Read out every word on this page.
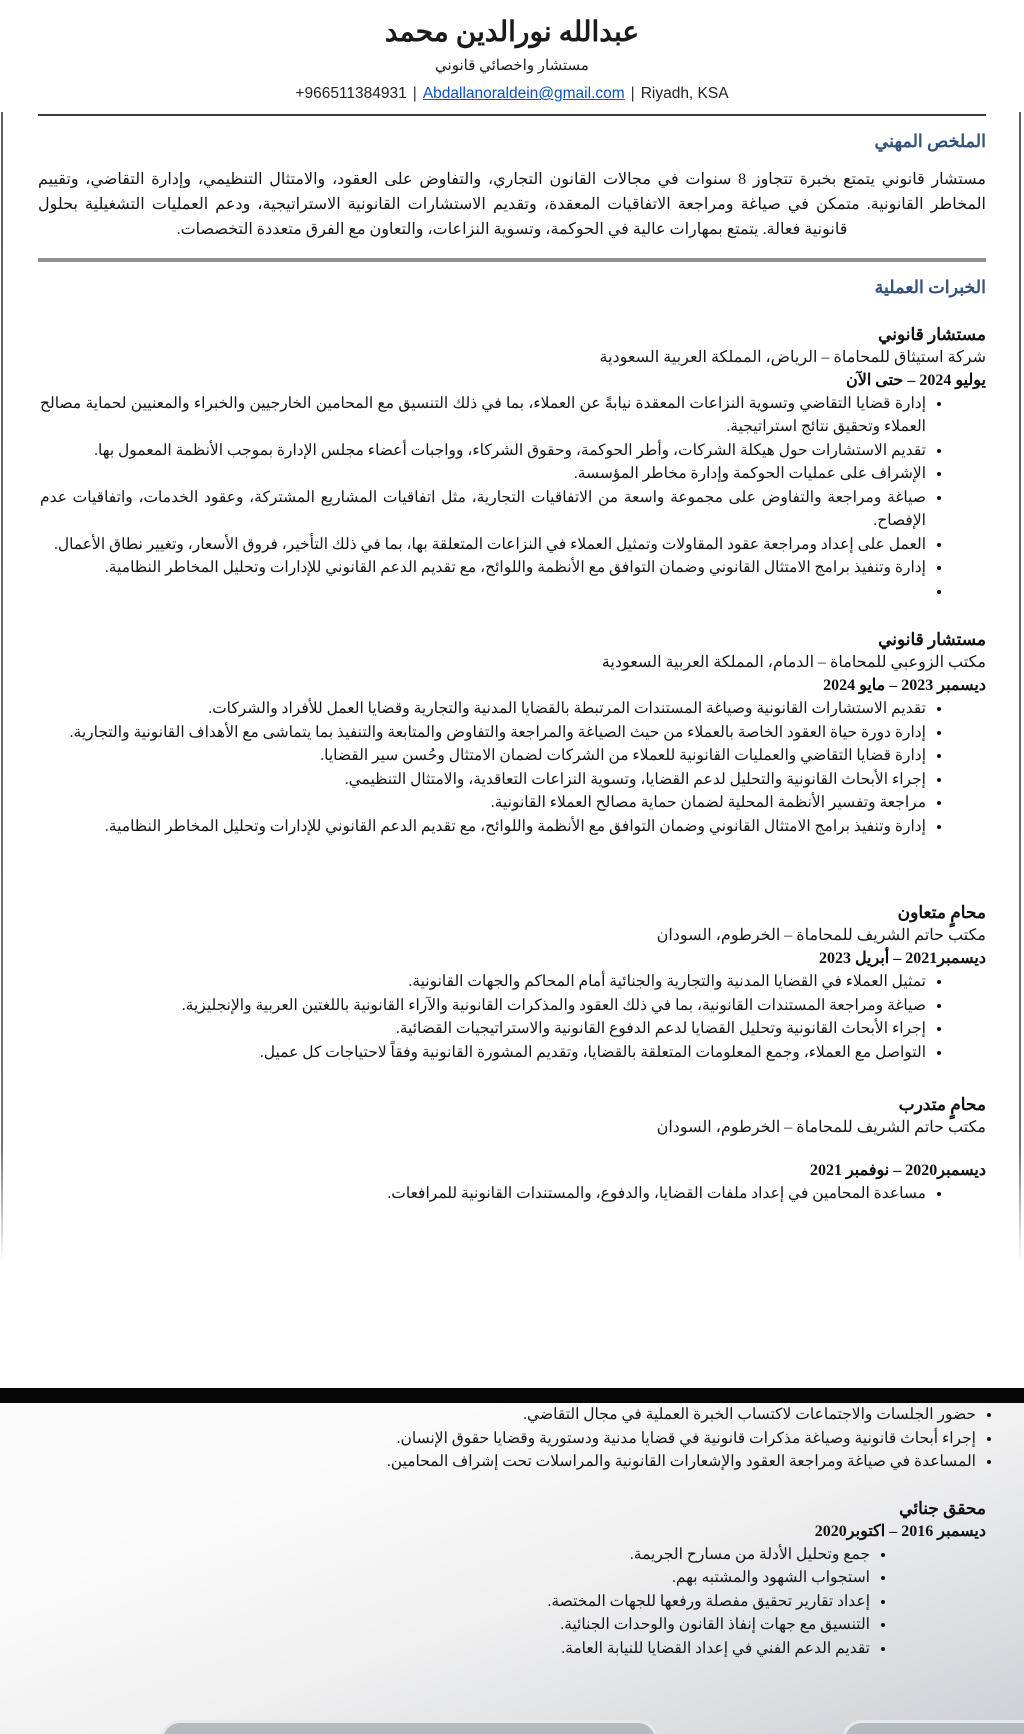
عبدالله نورالدين محمد
مستشار واخصائي قانوني
+966511384931 | Abdallanoraldein@gmail.com | Riyadh, KSA
الملخص المهني

مستشار قانوني يتمتع بخبرة تتجاوز 8 سنوات في مجالات القانون التجاري، والتفاوض على العقود، والامتثال التنظيمي، وإدارة التقاضي، وتقييم المخاطر القانونية. متمكن في صياغة ومراجعة الاتفاقيات المعقدة، وتقديم الاستشارات القانونية الاستراتيجية، ودعم العمليات التشغيلية بحلول قانونية فعالة. يتمتع بمهارات عالية في الحوكمة، وتسوية النزاعات، والتعاون مع الفرق متعددة التخصصات.

الخبرات العملية
مستشار قانوني
شركة استيثاق للمحاماة – الرياض، المملكة العربية السعودية
يوليو 2024 – حتى الآن
• إدارة قضايا التقاضي وتسوية النزاعات المعقدة نيابةً عن العملاء، بما في ذلك التنسيق مع المحامين الخارجيين والخبراء والمعنيين لحماية مصالح العملاء وتحقيق نتائج استراتيجية.
• تقديم الاستشارات حول هيكلة الشركات، وأطر الحوكمة، وحقوق الشركاء، وواجبات أعضاء مجلس الإدارة بموجب الأنظمة المعمول بها.
• الإشراف على عمليات الحوكمة وإدارة مخاطر المؤسسة.
• صياغة ومراجعة والتفاوض على مجموعة واسعة من الاتفاقيات التجارية، مثل اتفاقيات المشاريع المشتركة، وعقود الخدمات، واتفاقيات عدم الإفصاح.
• العمل على إعداد ومراجعة عقود المقاولات وتمثيل العملاء في النزاعات المتعلقة بها، بما في ذلك التأخير، فروق الأسعار، وتغيير نطاق الأعمال.
• إدارة وتنفيذ برامج الامتثال القانوني وضمان التوافق مع الأنظمة واللوائح، مع تقديم الدعم القانوني للإدارات وتحليل المخاطر النظامية.
•
مستشار قانوني
مكتب الزوعبي للمحاماة – الدمام، المملكة العربية السعودية
ديسمبر 2023 – مايو 2024
• تقديم الاستشارات القانونية وصياغة المستندات المرتبطة بالقضايا المدنية والتجارية وقضايا العمل للأفراد والشركات.
• إدارة دورة حياة العقود الخاصة بالعملاء من حيث الصياغة والمراجعة والتفاوض والمتابعة والتنفيذ بما يتماشى مع الأهداف القانونية والتجارية.
• إدارة قضايا التقاضي والعمليات القانونية للعملاء من الشركات لضمان الامتثال وحُسن سير القضايا.
• إجراء الأبحاث القانونية والتحليل لدعم القضايا، وتسوية النزاعات التعاقدية، والامتثال التنظيمي.
• مراجعة وتفسير الأنظمة المحلية لضمان حماية مصالح العملاء القانونية.
• إدارة وتنفيذ برامج الامتثال القانوني وضمان التوافق مع الأنظمة واللوائح، مع تقديم الدعم القانوني للإدارات وتحليل المخاطر النظامية.
محامٍ متعاون
مكتب حاتم الشريف للمحاماة – الخرطوم، السودان
ديسمبر2021 – أبريل 2023
• تمثيل العملاء في القضايا المدنية والتجارية والجنائية أمام المحاكم والجهات القانونية.
• صياغة ومراجعة المستندات القانونية، بما في ذلك العقود والمذكرات القانونية والآراء القانونية باللغتين العربية والإنجليزية.
• إجراء الأبحاث القانونية وتحليل القضايا لدعم الدفوع القانونية والاستراتيجيات القضائية.
• التواصل مع العملاء، وجمع المعلومات المتعلقة بالقضايا، وتقديم المشورة القانونية وفقاً لاحتياجات كل عميل.
محامٍ متدرب
مكتب حاتم الشريف للمحاماة – الخرطوم، السودان
ديسمبر2020 – نوفمبر 2021
• مساعدة المحامين في إعداد ملفات القضايا، والدفوع، والمستندات القانونية للمرافعات.
• حضور الجلسات والاجتماعات لاكتساب الخبرة العملية في مجال التقاضي.
• إجراء أبحاث قانونية وصياغة مذكرات قانونية في قضايا مدنية ودستورية وقضايا حقوق الإنسان.
• المساعدة في صياغة ومراجعة العقود والإشعارات القانونية والمراسلات تحت إشراف المحامين.
محقق جنائي
ديسمبر 2016 – اكتوبر2020
• جمع وتحليل الأدلة من مسارح الجريمة.
• استجواب الشهود والمشتبه بهم.
• إعداد تقارير تحقيق مفصلة ورفعها للجهات المختصة.
• التنسيق مع جهات إنفاذ القانون والوحدات الجنائية.
• تقديم الدعم الفني في إعداد القضايا للنيابة العامة.
